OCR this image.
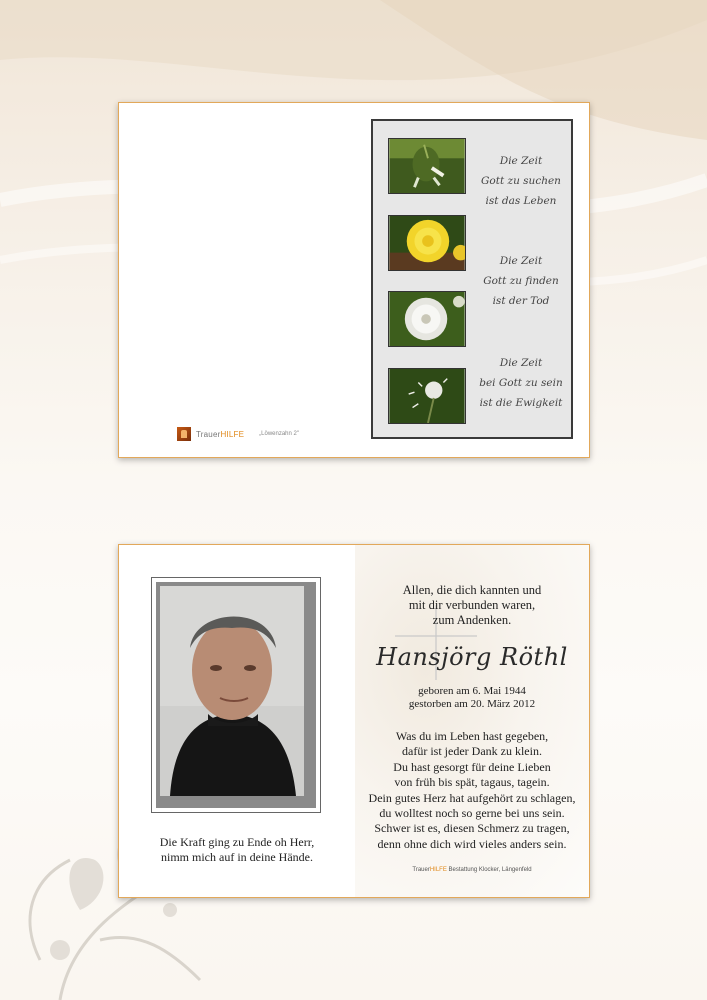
TrauerHILFE	„Löwenzahn 2"
Die Zeit
Gott zu suchen
ist das Leben
Die Zeit
Gott zu finden
ist der Tod
Die Zeit
bei Gott zu sein
ist die Ewigkeit
Die Kraft ging zu Ende oh Herr,
nimm mich auf in deine Hände.
Allen, die dich kannten und
mit dir verbunden waren,
zum Andenken.
Hansjörg Röthl
geboren am 6. Mai 1944
gestorben am 20. März 2012
Was du im Leben hast gegeben,
dafür ist jeder Dank zu klein.
Du hast gesorgt für deine Lieben
von früh bis spät, tagaus, tagein.
Dein gutes Herz hat aufgehört zu schlagen,
du wolltest noch so gerne bei uns sein.
Schwer ist es, diesen Schmerz zu tragen,
denn ohne dich wird vieles anders sein.
TrauerHILFE Bestattung Klocker, Längenfeld
